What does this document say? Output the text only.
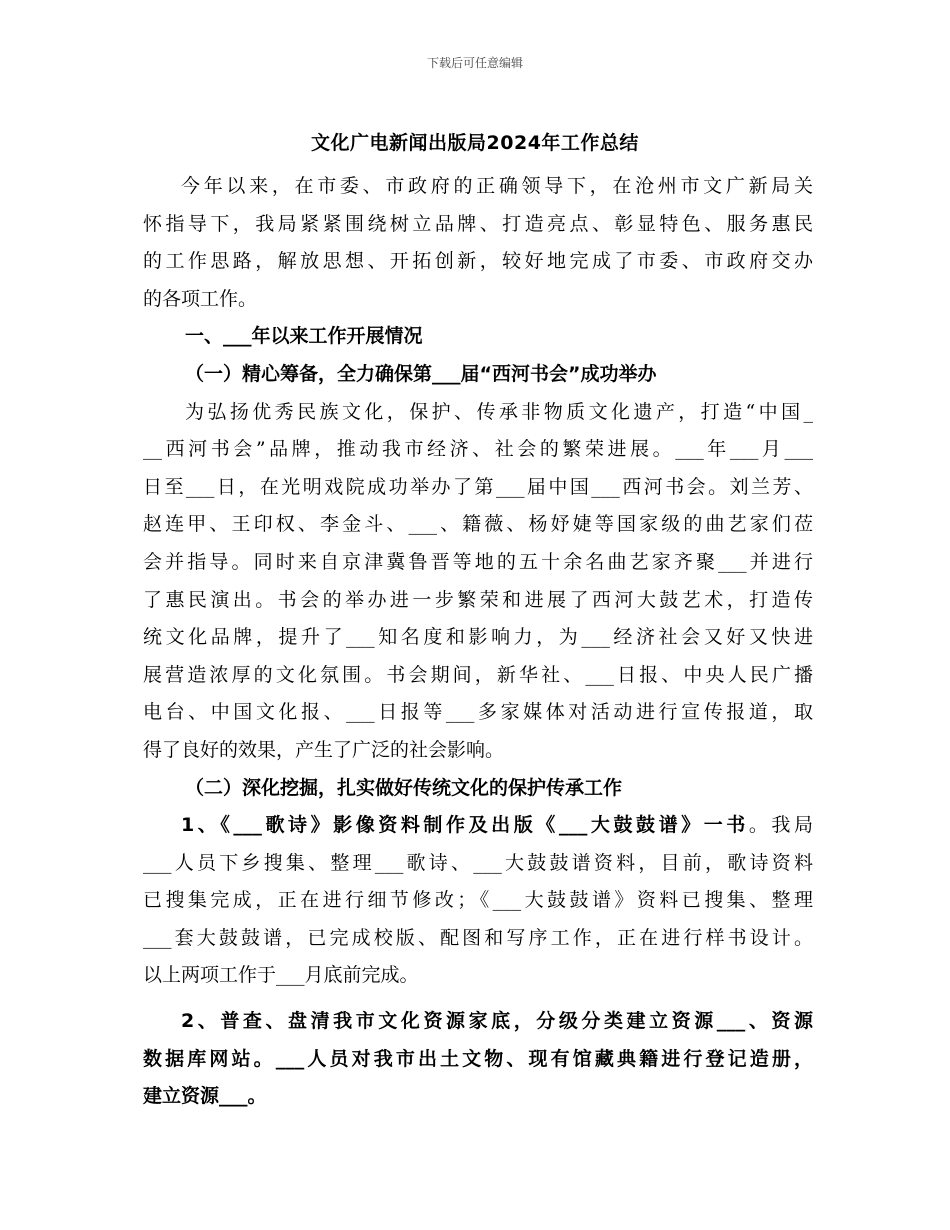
下载后可任意编辑
文化广电新闻出版局2024年工作总结
今年以来，在市委、市政府的正确领导下，在沧州市文广新局关
怀指导下，我局紧紧围绕树立品牌、打造亮点、彰显特色、服务惠民
的工作思路，解放思想、开拓创新，较好地完成了市委、市政府交办
的各项工作。
一、___年以来工作开展情况
（一）精心筹备，全力确保第___届“西河书会”成功举办
为弘扬优秀民族文化，保护、传承非物质文化遗产，打造“中国_
__西河书会”品牌，推动我市经济、社会的繁荣进展。___年___月___
日至___日，在光明戏院成功举办了第___届中国___西河书会。刘兰芳、
赵连甲、王印权、李金斗、___、籍薇、杨妤婕等国家级的曲艺家们莅
会并指导。同时来自京津冀鲁晋等地的五十余名曲艺家齐聚___并进行
了惠民演出。书会的举办进一步繁荣和进展了西河大鼓艺术，打造传
统文化品牌，提升了___知名度和影响力，为___经济社会又好又快进
展营造浓厚的文化氛围。书会期间，新华社、___日报、中央人民广播
电台、中国文化报、___日报等___多家媒体对活动进行宣传报道，取
得了良好的效果，产生了广泛的社会影响。
（二）深化挖掘，扎实做好传统文化的保护传承工作
1、《___歌诗》影像资料制作及出版《___大鼓鼓谱》一书。我局
___人员下乡搜集、整理___歌诗、___大鼓鼓谱资料，目前，歌诗资料
已搜集完成，正在进行细节修改；《___大鼓鼓谱》资料已搜集、整理
___套大鼓鼓谱，已完成校版、配图和写序工作，正在进行样书设计。
以上两项工作于___月底前完成。
2、普查、盘清我市文化资源家底，分级分类建立资源___、资源
数据库网站。___人员对我市出土文物、现有馆藏典籍进行登记造册，
建立资源___。
